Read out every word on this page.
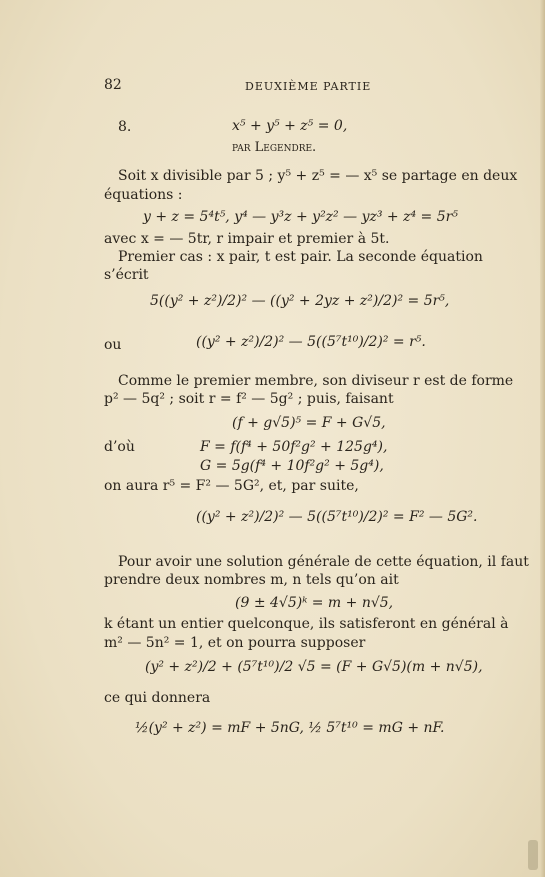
82	DEUXIÈME PARTIE
8.	x⁵ + y⁵ + z⁵ = 0,
par Legendre.
Soit x divisible par 5 ; y⁵ + z⁵ = — x⁵ se partage en deux
équations :
y + z = 5⁴t⁵, y⁴ — y³z + y²z² — yz³ + z⁴ = 5r⁵
avec x = — 5tr, r impair et premier à 5t.
Premier cas : x pair, t est pair. La seconde équation
s’écrit
5((y² + z²)/2)² — ((y² + 2yz + z²)/2)² = 5r⁵,
ou	((y² + z²)/2)² — 5((5⁷t¹⁰)/2)² = r⁵.
Comme le premier membre, son diviseur r est de forme
p² — 5q² ; soit r = f² — 5g² ; puis, faisant
(f + g√5)⁵ = F + G√5,
d’où	F = f(f⁴ + 50f²g² + 125g⁴),
G = 5g(f⁴ + 10f²g² + 5g⁴),
on aura r⁵ = F² — 5G², et, par suite,
((y² + z²)/2)² — 5((5⁷t¹⁰)/2)² = F² — 5G².
Pour avoir une solution générale de cette équation, il faut
prendre deux nombres m, n tels qu’on ait
(9 ± 4√5)ᵏ = m + n√5,
k étant un entier quelconque, ils satisferont en général à
m² — 5n² = 1, et on pourra supposer
(y² + z²)/2 + (5⁷t¹⁰)/2 √5 = (F + G√5)(m + n√5),
ce qui donnera
½(y² + z²) = mF + 5nG, ½ 5⁷t¹⁰ = mG + nF.
